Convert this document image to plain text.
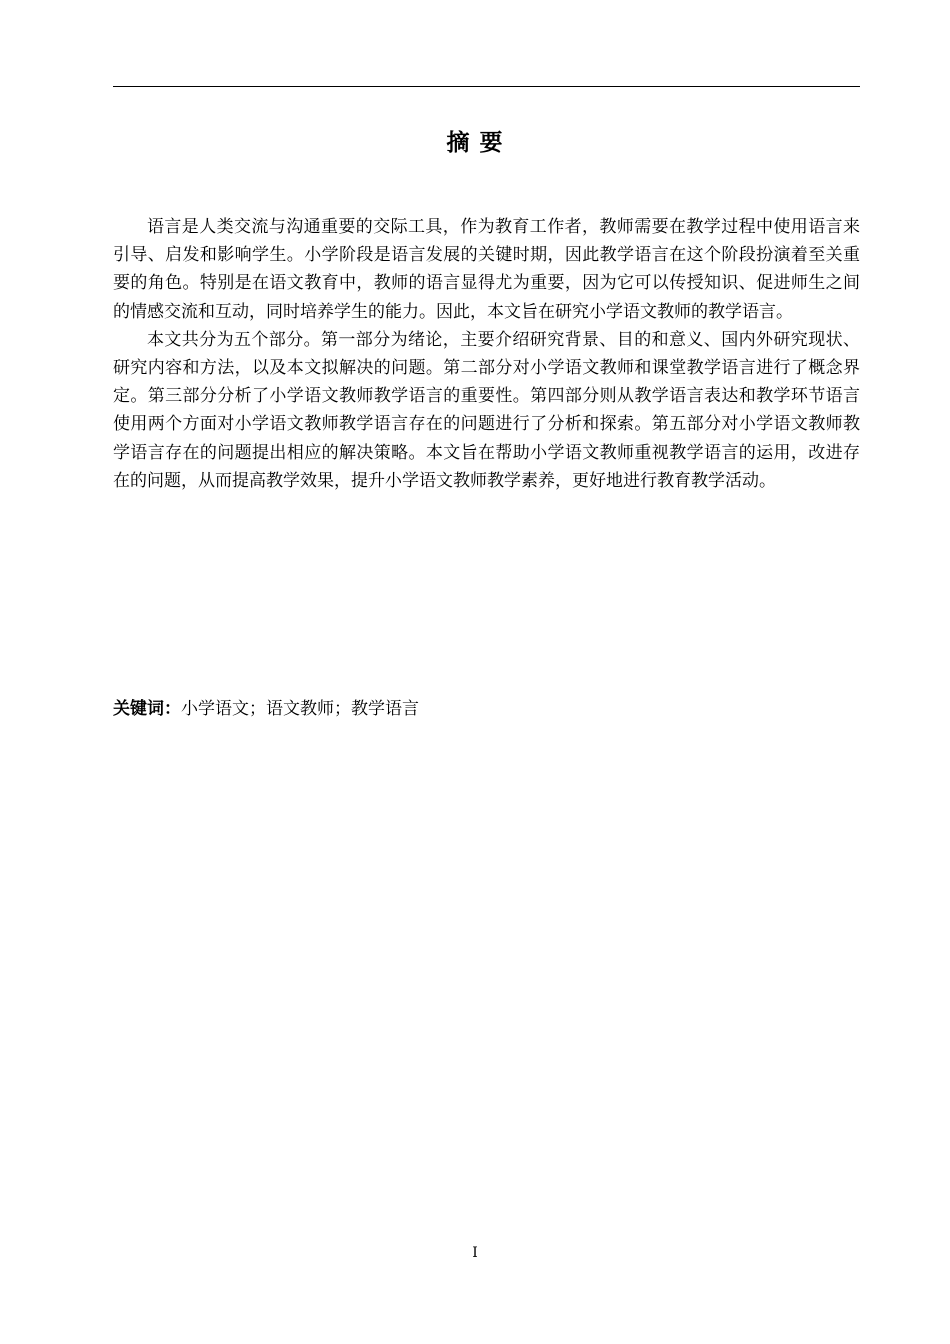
摘 要

语言是人类交流与沟通重要的交际工具，作为教育工作者，教师需要在教学过程中使用语言来引导、启发和影响学生。小学阶段是语言发展的关键时期，因此教学语言在这个阶段扮演着至关重要的角色。特别是在语文教育中，教师的语言显得尤为重要，因为它可以传授知识、促进师生之间的情感交流和互动，同时培养学生的能力。因此，本文旨在研究小学语文教师的教学语言。

本文共分为五个部分。第一部分为绪论，主要介绍研究背景、目的和意义、国内外研究现状、研究内容和方法，以及本文拟解决的问题。第二部分对小学语文教师和课堂教学语言进行了概念界定。第三部分分析了小学语文教师教学语言的重要性。第四部分则从教学语言表达和教学环节语言使用两个方面对小学语文教师教学语言存在的问题进行了分析和探索。第五部分对小学语文教师教学语言存在的问题提出相应的解决策略。本文旨在帮助小学语文教师重视教学语言的运用，改进存在的问题，从而提高教学效果，提升小学语文教师教学素养，更好地进行教育教学活动。

关键词：小学语文；语文教师；教学语言

I
